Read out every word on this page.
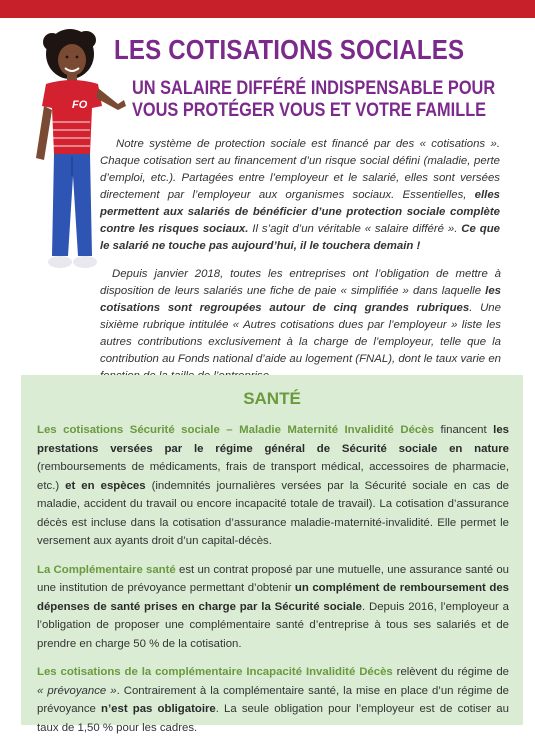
FO
LES COTISATIONS SOCIALES
UN SALAIRE DIFFÉRÉ INDISPENSABLE POUR
VOUS PROTÉGER VOUS ET VOTRE FAMILLE

Notre système de protection sociale est financé par des « cotisations ». Chaque cotisation sert au financement d’un risque social défini (maladie, perte d’emploi, etc.). Partagées entre l’employeur et le salarié, elles sont versées directement par l’employeur aux organismes sociaux. Essentielles, elles permettent aux salariés de bénéficier d’une protection sociale complète contre les risques sociaux. Il s’agit d’un véritable « salaire différé ». Ce que le salarié ne touche pas aujourd’hui, il le touchera demain !

Depuis janvier 2018, toutes les entreprises ont l’obligation de mettre à disposition de leurs salariés une fiche de paie « simplifiée » dans laquelle les cotisations sont regroupées autour de cinq grandes rubriques. Une sixième rubrique intitulée « Autres cotisations dues par l’employeur » liste les autres contributions exclusivement à la charge de l’employeur, telle que la contribution au Fonds national d’aide au logement (FNAL), dont le taux varie en

SANTÉ

Les cotisations Sécurité sociale – Maladie Maternité Invalidité Décès financent les prestations versées par le régime général de Sécurité sociale en nature (remboursements de médicaments, frais de transport médical, accessoires de pharmacie, etc.) et en espèces (indemnités journalières versées par la Sécurité sociale en cas de maladie, accident du travail ou encore incapacité totale de travail). La cotisation d’assurance décès est incluse dans la cotisation d’assurance maladie-maternité-invalidité. Elle permet le versement aux ayants droit d’un capital-décès.

La Complémentaire santé est un contrat proposé par une mutuelle, une assurance santé ou une institution de prévoyance permettant d’obtenir un complément de remboursement des dépenses de santé prises en charge par la Sécurité sociale. Depuis 2016, l’employeur a l’obligation de proposer une complémentaire santé d’entreprise à tous ses salariés et de prendre en charge 50 % de la cotisation.

Les cotisations de la complémentaire Incapacité Invalidité Décès relèvent du régime de « prévoyance ». Contrairement à la complémentaire santé, la mise en place d’un régime de prévoyance n’est pas obligatoire. La seule obligation pour l’employeur est de cotiser au taux de 1,50 % pour les cadres.
